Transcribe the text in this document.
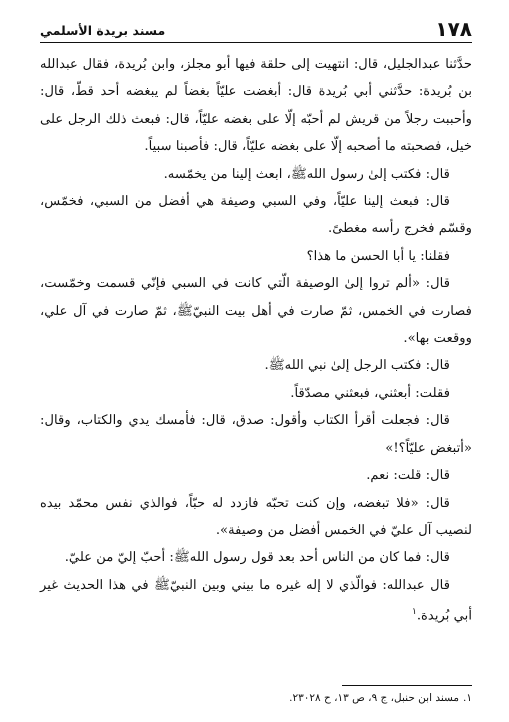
١٧٨
مسند بريدة الأسلمي

حدَّثنا عبدالجليل، قال: انتهيت إلى حلقة فيها أبو مجلز، وابن بُريدة، فقال عبدالله بن بُريدة: حدَّثني أبي بُريدة قال: أبغضت عليّاً بغضاً لم يبغضه أحد قطّ، قال: وأحببت رجلاً من قريش لم أحبّه إلّا على بغضه عليّاً، قال: فبعث ذلك الرجل على خيل، فصحبته ما أصحبه إلّا على بغضه عليّاً، قال: فأصبنا سبياً.

قال: فكتب إلىٰ رسول اللهﷺ، ابعث إلينا من يخمّسه.

قال: فبعث إلينا عليّاً، وفي السبي وصيفة هي أفضل من السبي، فخمّس، وقسّم فخرج رأسه مغطىً.

فقلنا: يا أبا الحسن ما هذا؟

قال: «ألم تروا إلىٰ الوصيفة الّتي كانت في السبي فإنّي قسمت وخمّست، فصارت في الخمس، ثمّ صارت في أهل بيت النبيّﷺ، ثمّ صارت في آل علي، ووقعت بها».

قال: فكتب الرجل إلىٰ نبي اللهﷺ.

فقلت: أبعثني، فبعثني مصدّقاً.

قال: فجعلت أقرأ الكتاب وأقول: صدق، قال: فأمسك يدي والكتاب، وقال: «أتبغض عليّاً؟!»

قال: قلت: نعم.

قال: «فلا تبغضه، وإن كنت تحبّه فازدد له حبّاً، فوالذي نفس محمّد بيده لنصيب آل عليّ في الخمس أفضل من وصيفة».

قال: فما كان من الناس أحد بعد قول رسول اللهﷺ: أحبّ إليّ من عليّ.

قال عبدالله: فوالّذي لا إله غيره ما بيني وبين النبيّﷺ في هذا الحديث غير أبي بُريدة.$^١$

١.
مسند ابن حنبل، ج ٩، ص ١٣، ح ٢٣٠٢٨.
